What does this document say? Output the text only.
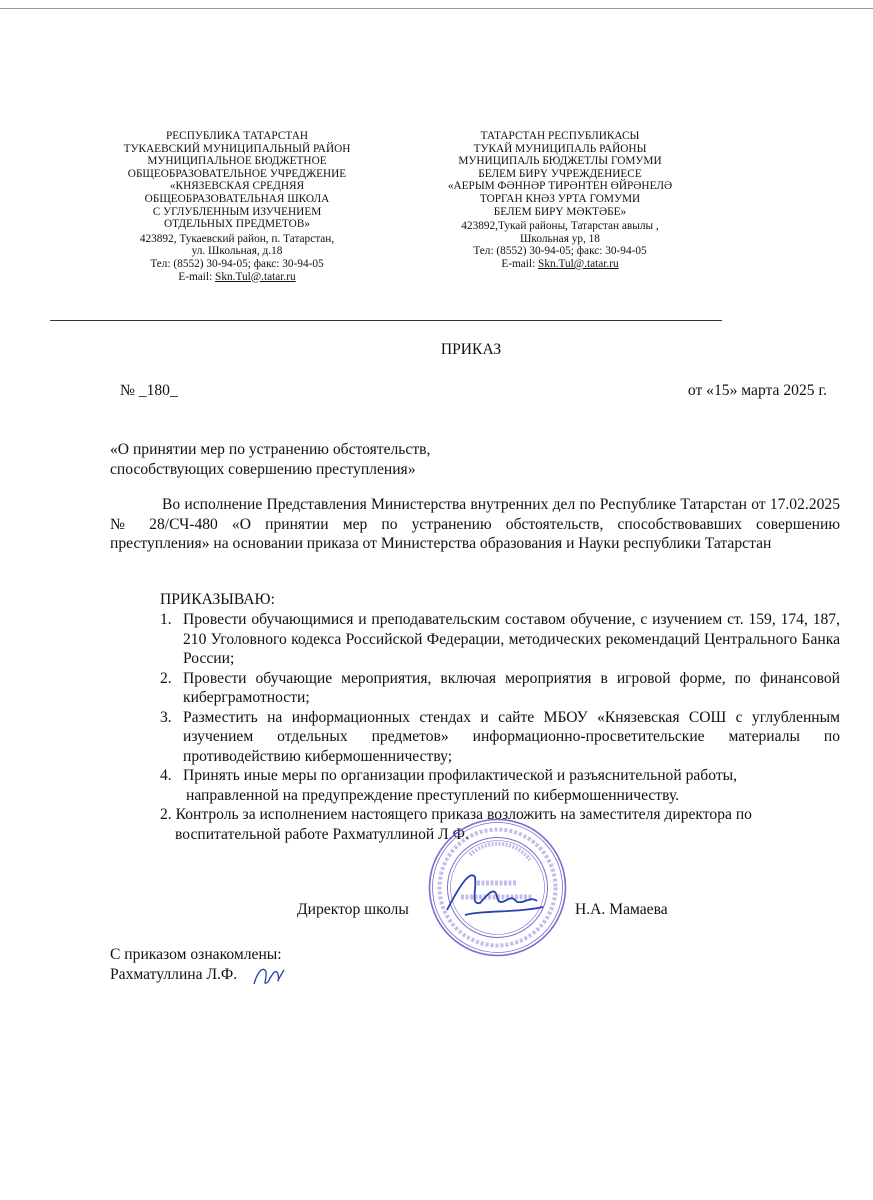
РЕСПУБЛИКА ТАТАРСТАН
ТУКАЕВСКИЙ МУНИЦИПАЛЬНЫЙ РАЙОН
МУНИЦИПАЛЬНОЕ БЮДЖЕТНОЕ
ОБЩЕОБРАЗОВАТЕЛЬНОЕ УЧРЕДЖЕНИЕ
«КНЯЗЕВСКАЯ СРЕДНЯЯ
ОБЩЕОБРАЗОВАТЕЛЬНАЯ ШКОЛА
С УГЛУБЛЕННЫМ ИЗУЧЕНИЕМ
ОТДЕЛЬНЫХ ПРЕДМЕТОВ»
423892, Тукаевский район, п. Татарстан,
ул. Школьная, д.18
Тел: (8552) 30-94-05; факс: 30-94-05
E-mail: Skn.Tul@.tatar.ru
ТАТАРСТАН РЕСПУБЛИКАСЫ
ТУКАЙ МУНИЦИПАЛЬ РАЙОНЫ
МУНИЦИПАЛЬ БЮДЖЕТЛЫ ГОМУМИ
БЕЛЕМ БИРҮ УЧРЕЖДЕНИЕСЕ
«АЕРЫМ ФӘННӘР ТИРӘНТЕН ӨЙРӘНЕЛӘ
ТОРГАН КНӘЗ УРТА ГОМУМИ
БЕЛЕМ БИРҮ МӘКТӘБЕ»
423892,Тукай районы, Татарстан авылы ,
Школьная ур, 18
Тел: (8552) 30-94-05; факс: 30-94-05
E-mail: Skn.Tul@.tatar.ru
ПРИКАЗ
№ _180_	от «15» марта 2025 г.
«О принятии мер по устранению обстоятельств,
способствующих совершению преступления»
Во исполнение Представления Министерства внутренних дел по Республике Татарстан от 17.02.2025 № 28/СЧ-480 «О принятии мер по устранению обстоятельств, способствовавших совершению преступления» на основании приказа от Министерства образования и Науки республики Татарстан
ПРИКАЗЫВАЮ:
1. Провести обучающимися и преподавательским составом обучение, с изучением ст. 159, 174, 187, 210 Уголовного кодекса Российской Федерации, методических рекомендаций Центрального Банка России;
2. Провести обучающие мероприятия, включая мероприятия в игровой форме, по финансовой киберграмотности;
3. Разместить на информационных стендах и сайте МБОУ «Князевская СОШ с углубленным изучением отдельных предметов» информационно-просветительские материалы по противодействию кибермошенничеству;
4. Принять иные меры по организации профилактической и разъяснительной работы,
направленной на предупреждение преступлений по кибермошенничеству.
2. Контроль за исполнением настоящего приказа возложить на заместителя директора по
воспитательной работе Рахматуллиной Л.Ф.
Директор школы	Н.А. Мамаева
С приказом ознакомлены:
Рахматуллина Л.Ф.
